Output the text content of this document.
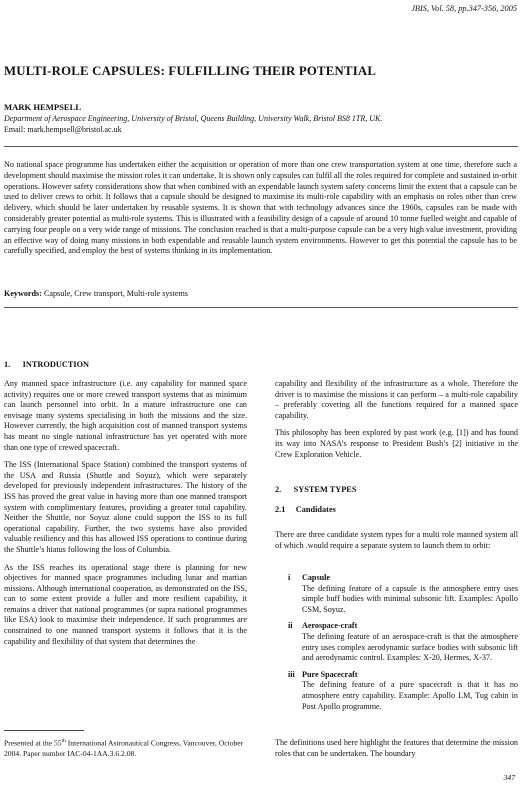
JBIS, Vol. 58, pp.347-356, 2005
MULTI-ROLE CAPSULES: FULFILLING THEIR POTENTIAL
MARK HEMPSELL
Department of Aerospace Engineering, University of Bristol, Queens Building, University Walk, Bristol BS8 1TR, UK.
Email: mark.hempsell@bristol.ac.uk
No national space programme has undertaken either the acquisition or operation of more than one crew transportation system at one time, therefore such a development should maximise the mission roles it can undertake. It is shown only capsules can fulfil all the roles required for complete and sustained in-orbit operations. However safety considerations show that when combined with an expendable launch system safety concerns limit the extent that a capsule can be used to deliver crews to orbit. It follows that a capsule should be designed to maximise its multi-role capability with an emphasis on roles other than crew delivery, which should be later undertaken by reusable systems. It is shown that with technology advances since the 1960s, capsules can be made with considerably greater potential as multi-role systems. This is illustrated with a feasibility design of a capsule of around 10 tonne fuelled weight and capable of carrying four people on a very wide range of missions. The conclusion reached is that a multi-purpose capsule can be a very high value investment, providing an effective way of doing many missions in both expendable and reusable launch system environments. However to get this potential the capsule has to be carefully specified, and employ the best of systems thinking in its implementation.
Keywords: Capsule, Crew transport, Multi-role systems
1.      INTRODUCTION

Any manned space infrastructure (i.e. any capability for manned space activity) requires one or more crewed transport systems that as minimum can launch personnel into orbit. In a mature infrastructure one can envisage many systems specialising in both the missions and the size. However currently, the high acquisition cost of manned transport systems has meant no single national infrastructure has yet operated with more than one type of crewed spacecraft.

The ISS (International Space Station) combined the transport systems of the USA and Russia (Shuttle and Soyuz), which were separately developed for previously independent infrastructures. The history of the ISS has proved the great value in having more than one manned transport system with complimentary features, providing a greater total capability. Neither the Shuttle, nor Soyuz alone could support the ISS to its full operational capability. Further, the two systems have also provided valuable resiliency and this has allowed ISS operations to continue during the Shuttle’s hiatus following the loss of Columbia.

As the ISS reaches its operational stage there is planning for new objectives for manned space programmes including lunar and martian missions. Although international cooperation, as demonstrated on the ISS, can to some extent provide a fuller and more resilient capability, it remains a driver that national programmes (or supra national programmes like ESA) look to maximise their independence. If such programmes are constrained to one manned transport systems it follows that it is the capability and flexibility of that system that determines the

Presented at the 55th International Astronautical Congress, Vancouver, October 2004. Paper number IAC-04-1AA.3.6.2.08.

capability and flexibility of the infrastructure as a whole. Therefore the driver is to maximise the missions it can perform – a multi-role capability – preferably covering all the functions required for a manned space capability.

This philosophy has been explored by past work (e.g. [1]) and has found its way into NASA’s response to President Bush’s [2] initiative in the Crew Exploration Vehicle.

2.      SYSTEM TYPES
2.1     Candidates
There are three candidate system types for a multi role manned system all of which .would require a separate system to launch them to orbit:
i	Capsule
The defining feature of a capsule is the atmosphere entry uses simple buff bodies with minimal subsonic lift. Examples: Apollo CSM, Soyuz.
ii	Aerospace-craft
The defining feature of an aerospace-craft is that the atmosphere entry uses complex aerodynamic surface bodies with subsonic lift and aerodynamic control. Examples: X-20, Hermes, X-37.
iii Pure Spacecraft
The defining feature of a pure spacecraft is that it has no atmosphere entry capability. Example: Apollo LM, Tug cabin in Post Apollo programme.
The definitions used here highlight the features that determine the mission roles that can be undertaken. The boundary
347
